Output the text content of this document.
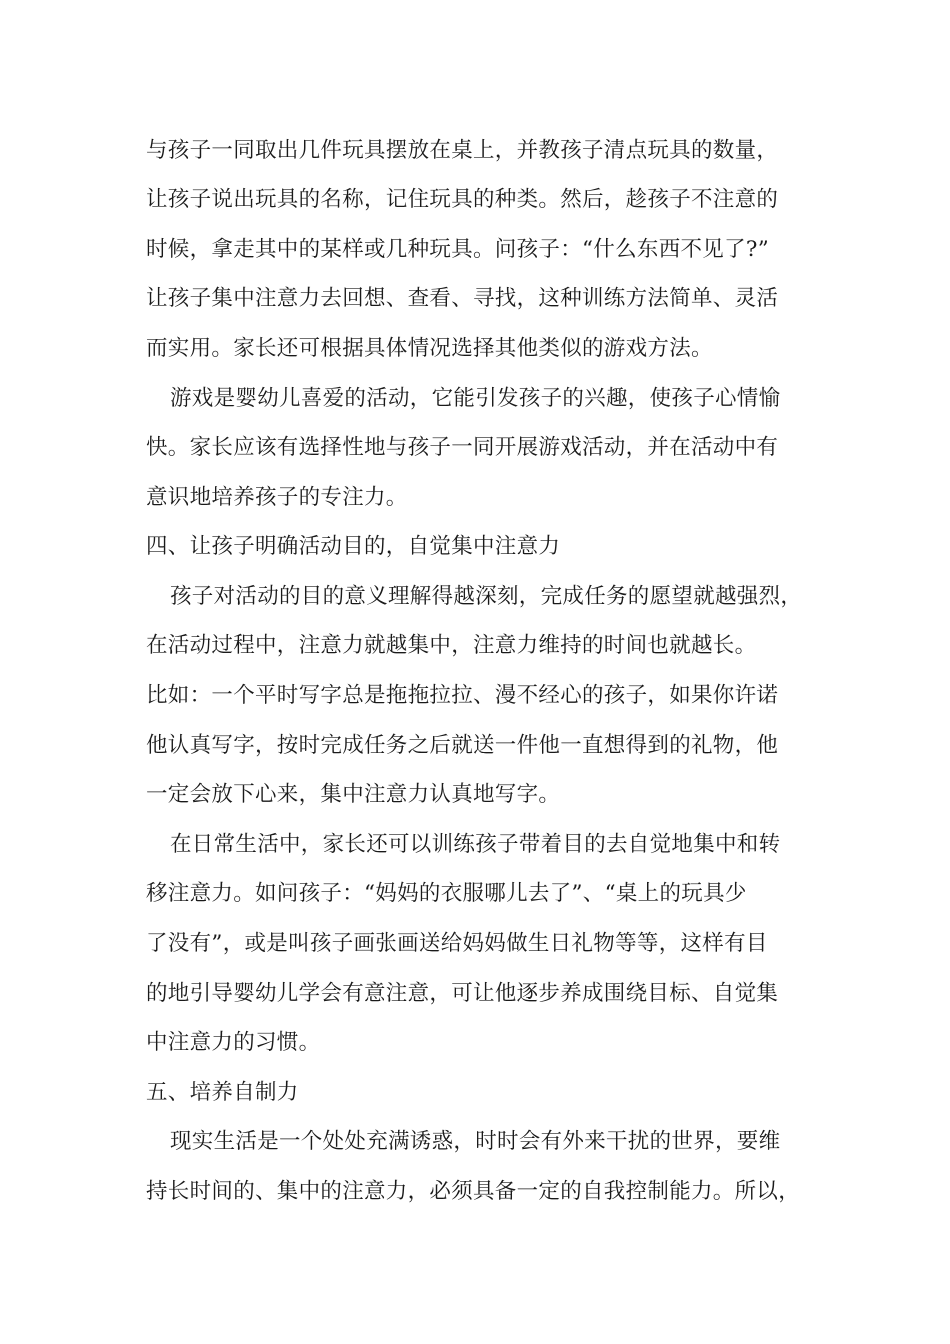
与孩子一同取出几件玩具摆放在桌上，并教孩子清点玩具的数量，
让孩子说出玩具的名称，记住玩具的种类。然后，趁孩子不注意的
时候，拿走其中的某样或几种玩具。问孩子：“什么东西不见了?”
让孩子集中注意力去回想、查看、寻找，这种训练方法简单、灵活
而实用。家长还可根据具体情况选择其他类似的游戏方法。
游戏是婴幼儿喜爱的活动，它能引发孩子的兴趣，使孩子心情愉
快。家长应该有选择性地与孩子一同开展游戏活动，并在活动中有
意识地培养孩子的专注力。
四、让孩子明确活动目的，自觉集中注意力
孩子对活动的目的意义理解得越深刻，完成任务的愿望就越强烈，
在活动过程中，注意力就越集中，注意力维持的时间也就越长。
比如：一个平时写字总是拖拖拉拉、漫不经心的孩子，如果你许诺
他认真写字，按时完成任务之后就送一件他一直想得到的礼物，他
一定会放下心来，集中注意力认真地写字。
在日常生活中，家长还可以训练孩子带着目的去自觉地集中和转
移注意力。如问孩子：“妈妈的衣服哪儿去了”、“桌上的玩具少
了没有”，或是叫孩子画张画送给妈妈做生日礼物等等，这样有目
的地引导婴幼儿学会有意注意，可让他逐步养成围绕目标、自觉集
中注意力的习惯。
五、培养自制力
现实生活是一个处处充满诱惑，时时会有外来干扰的世界，要维
持长时间的、集中的注意力，必须具备一定的自我控制能力。所以，
